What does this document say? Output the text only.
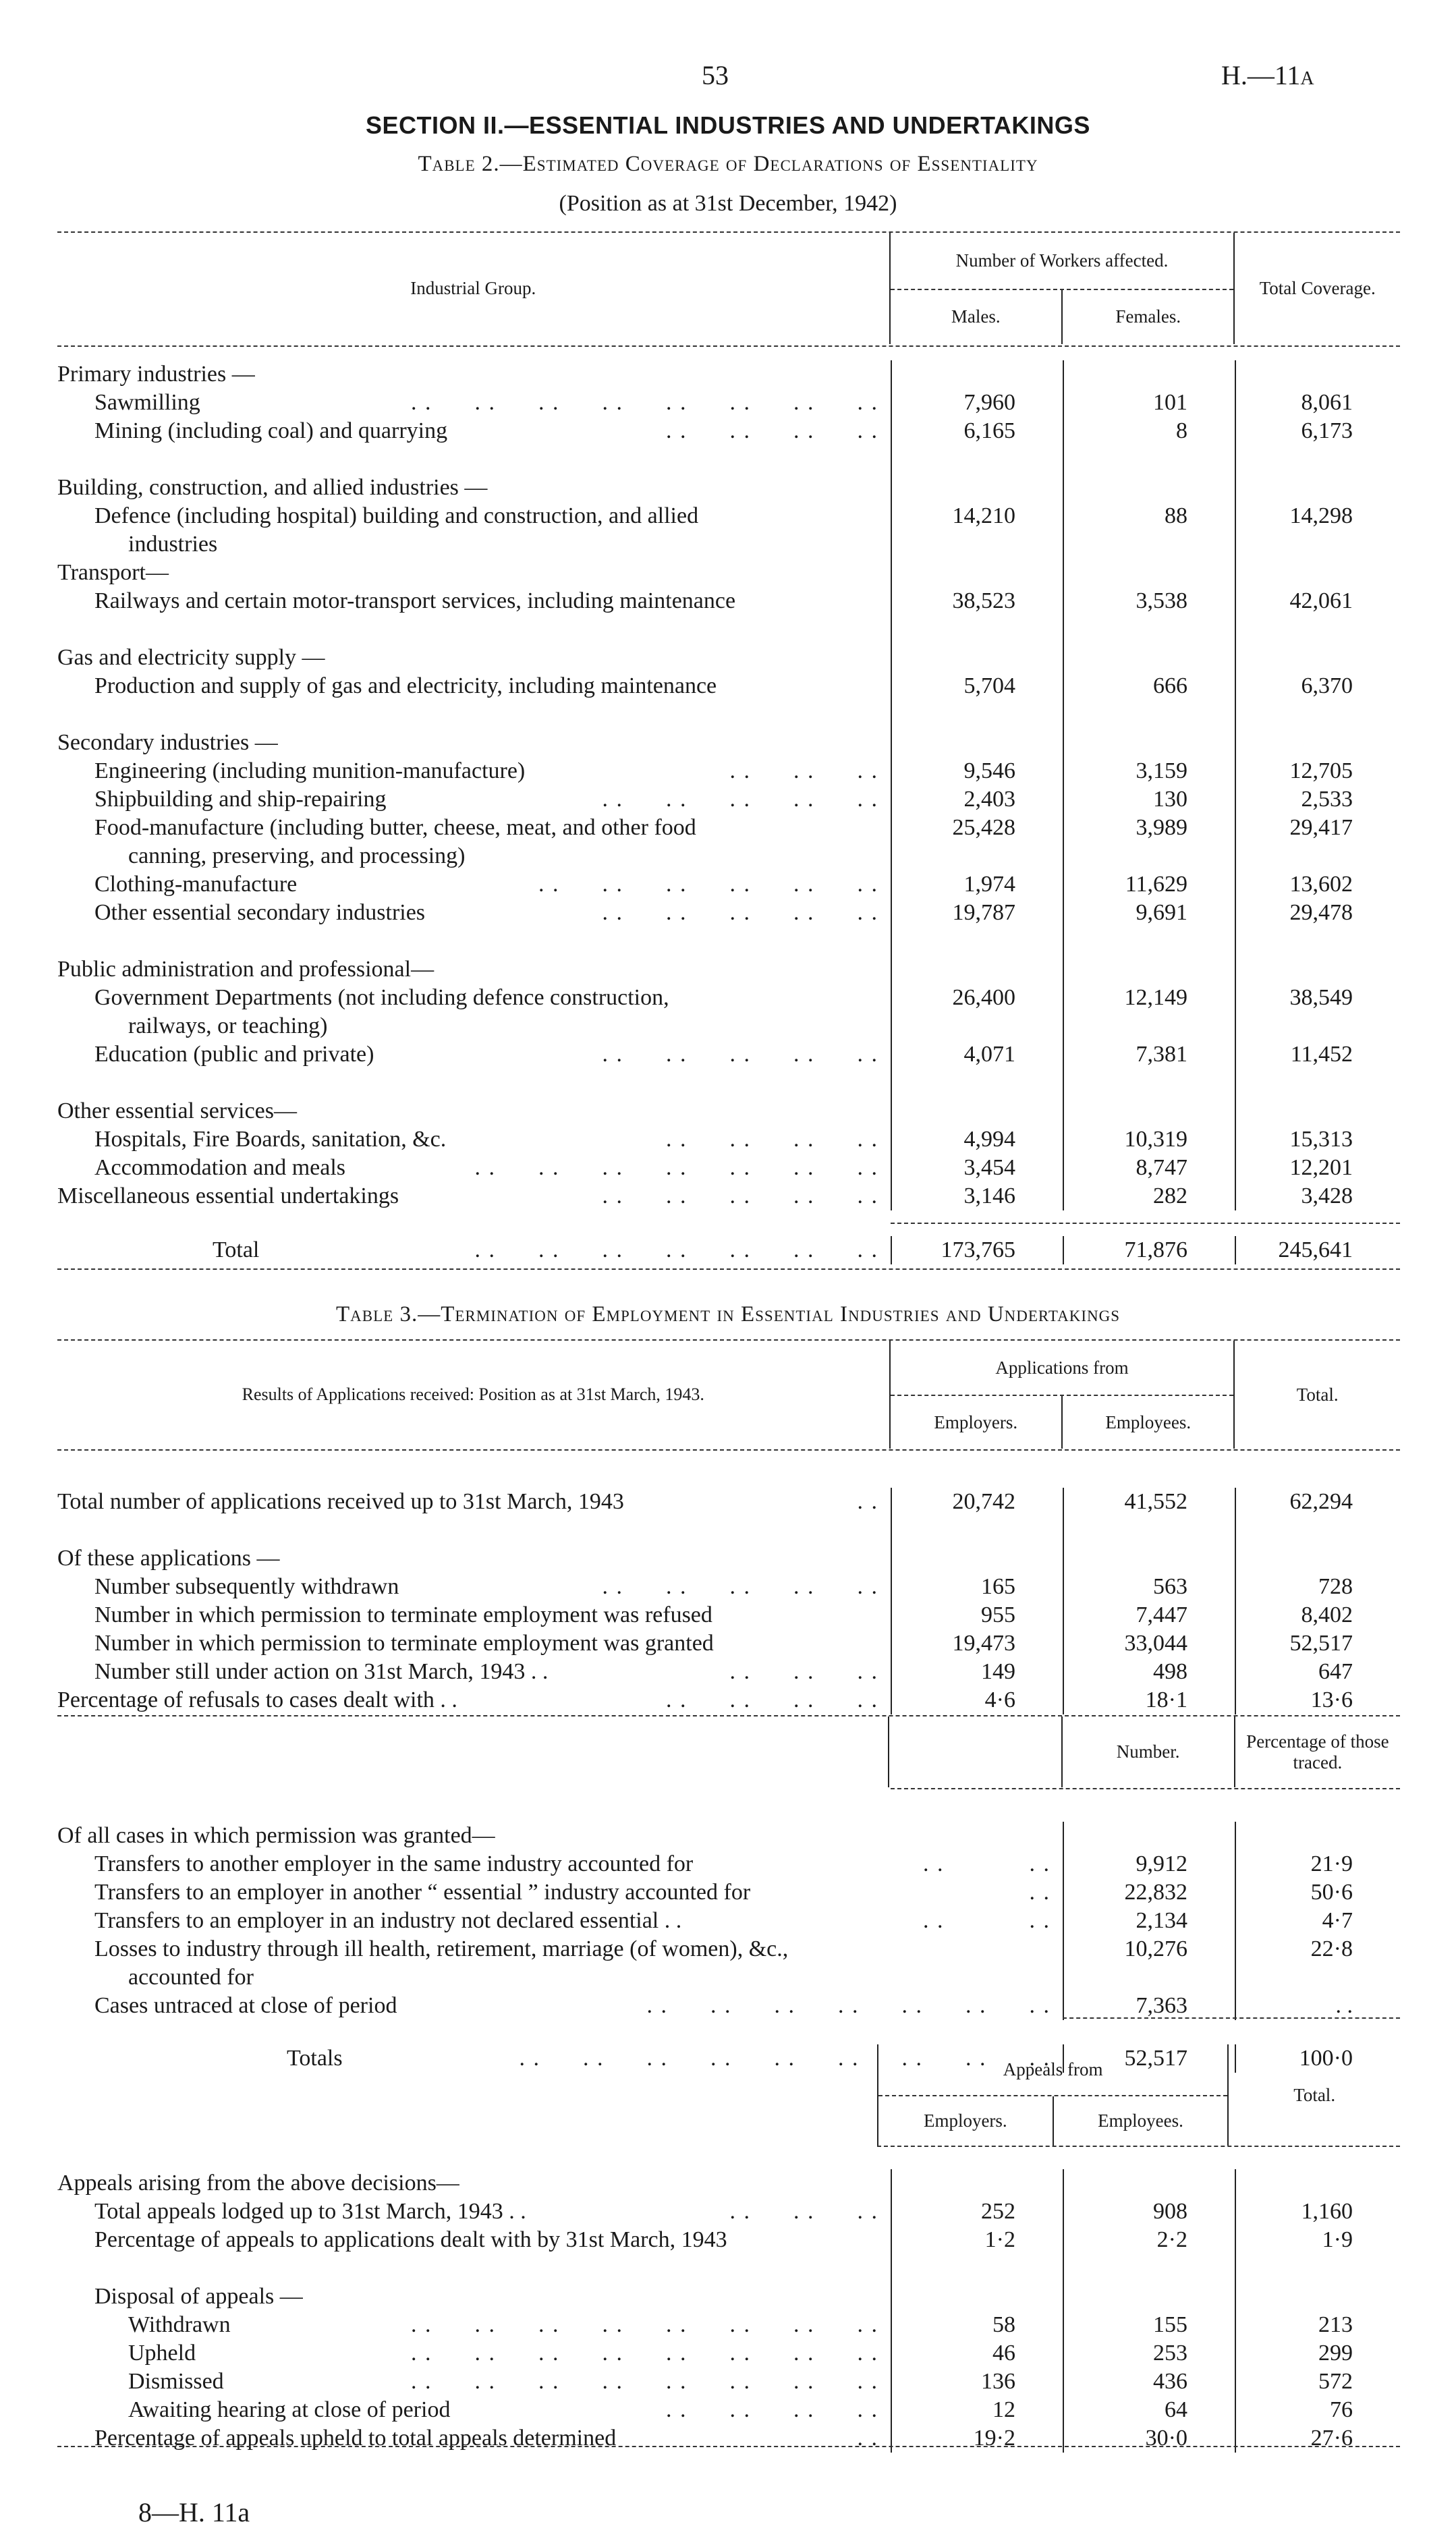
53	H.—11a
SECTION II.—ESSENTIAL INDUSTRIES AND UNDERTAKINGS
Table 2.—Estimated Coverage of Declarations of Essentiality
(Position as at 31st December, 1942)
Industrial Group.
Number of Workers affected.
Males.	Females.
Total Coverage.
Primary industries —
Sawmilling	. .      . .      . .      . .      . .      . .      . .      . .	7,960	101	8,061
Mining (including coal) and quarrying	. .      . .      . .      . .	6,165	8	6,173
Building, construction, and allied industries —
Defence (including hospital) building and construction, and allied	14,210	88	14,298
industries
Transport—
Railways and certain motor-transport services, including maintenance	38,523	3,538	42,061
Gas and electricity supply —
Production and supply of gas and electricity, including maintenance	5,704	666	6,370
Secondary industries —
Engineering (including munition-manufacture)	. .      . .      . .	9,546	3,159	12,705
Shipbuilding and ship-repairing	. .      . .      . .      . .      . .	2,403	130	2,533
Food-manufacture (including butter, cheese, meat, and other food	25,428	3,989	29,417
canning, preserving, and processing)
Clothing-manufacture	. .      . .      . .      . .      . .      . .	1,974	11,629	13,602
Other essential secondary industries	. .      . .      . .      . .      . .	19,787	9,691	29,478
Public administration and professional—
Government Departments (not including defence construction,	26,400	12,149	38,549
railways, or teaching)
Education (public and private)	. .      . .      . .      . .      . .	4,071	7,381	11,452
Other essential services—
Hospitals, Fire Boards, sanitation, &c.	. .      . .      . .      . .	4,994	10,319	15,313
Accommodation and meals	. .      . .      . .      . .      . .      . .      . .	3,454	8,747	12,201
Miscellaneous essential undertakings	. .      . .      . .      . .      . .	3,146	282	3,428
Total	. .      . .      . .      . .      . .      . .      . .	173,765	71,876	245,641
Table 3.—Termination of Employment in Essential Industries and Undertakings
Results of Applications received: Position as at 31st March, 1943.
Applications from
Employers.	Employees.
Total.
Total number of applications received up to 31st March, 1943	. .	20,742	41,552	62,294
Of these applications —
Number subsequently withdrawn	. .      . .      . .      . .      . .	165	563	728
Number in which permission to terminate employment was refused	955	7,447	8,402
Number in which permission to terminate employment was granted	19,473	33,044	52,517
Number still under action on 31st March, 1943 . .	. .      . .      . .	149	498	647
Percentage of refusals to cases dealt with . .	. .      . .      . .      . .	4·6	18·1	13·6
Number.
Percentage of those traced.
Of all cases in which permission was granted—
Transfers to another employer in the same industry accounted for	. .            . .	9,912	21·9
Transfers to an employer in another “ essential ” industry accounted for	. .	22,832	50·6
Transfers to an employer in an industry not declared essential . .	. .            . .	2,134	4·7
Losses to industry through ill health, retirement, marriage (of women), &c.,	10,276	22·8
accounted for
Cases untraced at close of period	. .      . .      . .      . .      . .      . .      . .	7,363	. .
Totals	. .      . .      . .      . .      . .      . .      . .      . .      . .	52,517	100·0
Appeals from
Employers.	Employees.
Total.
Appeals arising from the above decisions—
Total appeals lodged up to 31st March, 1943 . .	. .      . .      . .	252	908	1,160
Percentage of appeals to applications dealt with by 31st March, 1943	1·2	2·2	1·9
Disposal of appeals —
Withdrawn	. .      . .      . .      . .      . .      . .      . .      . .	58	155	213
Upheld	. .      . .      . .      . .      . .      . .      . .      . .	46	253	299
Dismissed	. .      . .      . .      . .      . .      . .      . .      . .	136	436	572
Awaiting hearing at close of period	. .      . .      . .      . .	12	64	76
Percentage of appeals upheld to total appeals determined	. .	19·2	30·0	27·6
8—H. 11a
